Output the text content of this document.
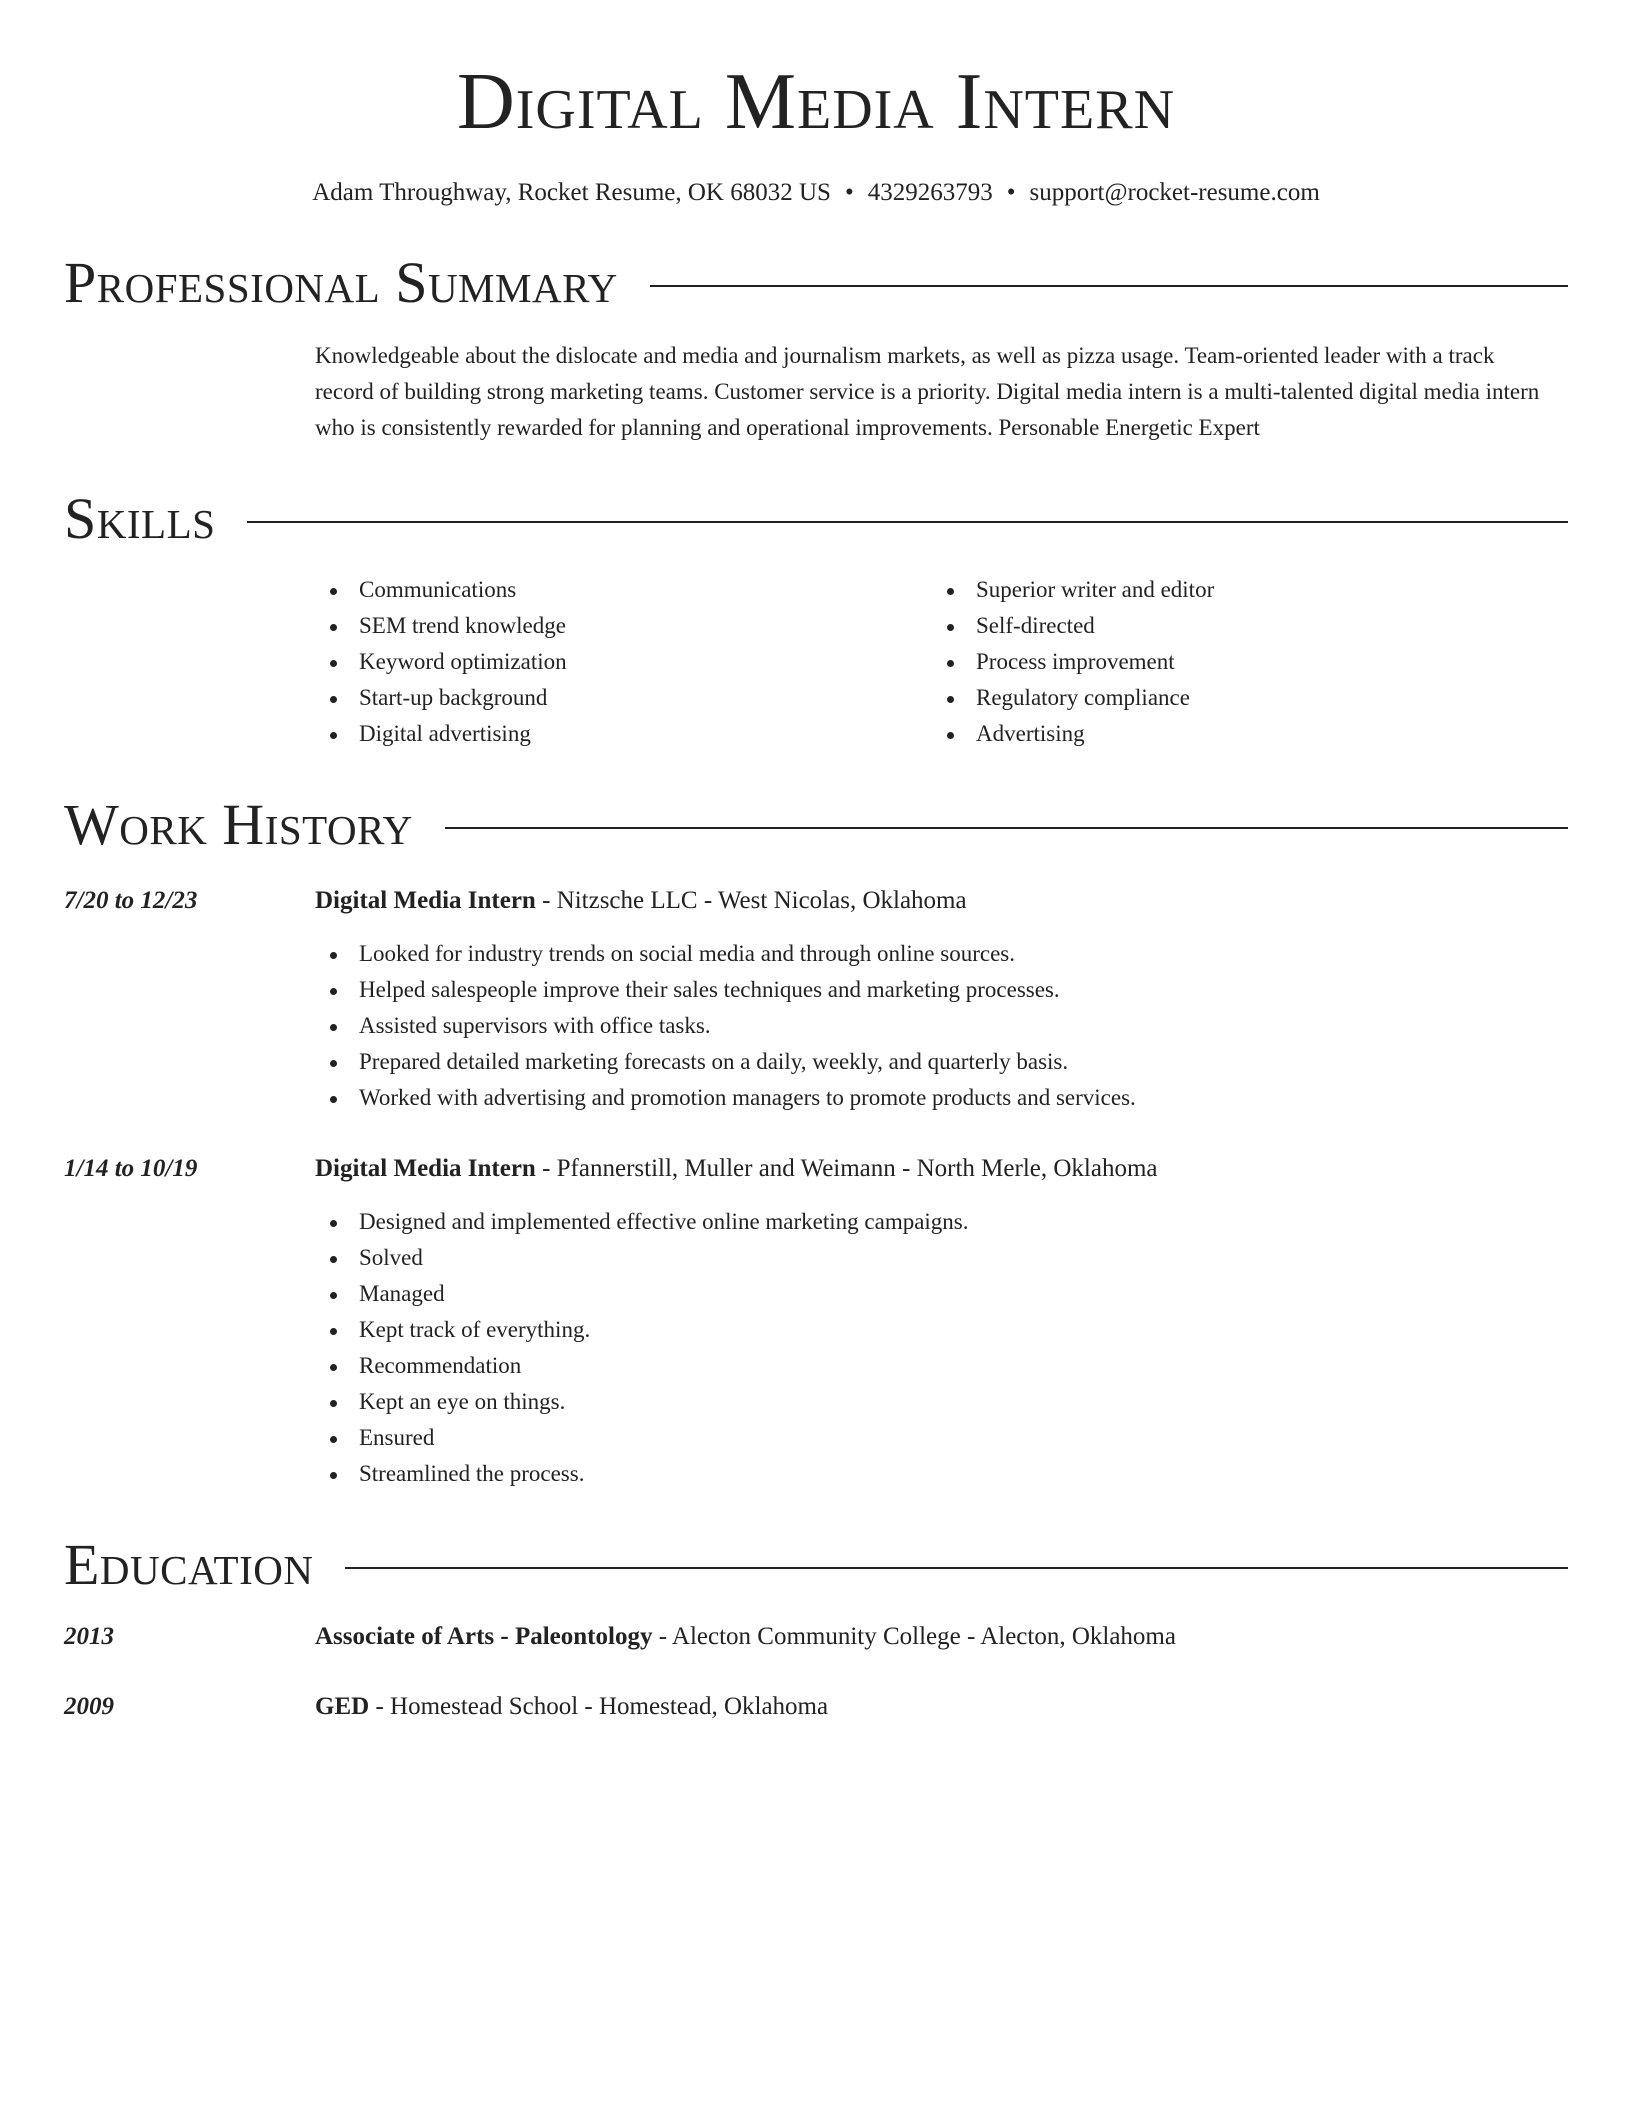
Digital Media Intern
Adam Throughway, Rocket Resume, OK 68032 US • 4329263793 • support@rocket-resume.com
Professional Summary
Knowledgeable about the dislocate and media and journalism markets, as well as pizza usage. Team-oriented leader with a track record of building strong marketing teams. Customer service is a priority. Digital media intern is a multi-talented digital media intern who is consistently rewarded for planning and operational improvements. Personable Energetic Expert
Skills
Communications
SEM trend knowledge
Keyword optimization
Start-up background
Digital advertising
Superior writer and editor
Self-directed
Process improvement
Regulatory compliance
Advertising
Work History
7/20 to 12/23	Digital Media Intern - Nitzsche LLC - West Nicolas, Oklahoma
Looked for industry trends on social media and through online sources.
Helped salespeople improve their sales techniques and marketing processes.
Assisted supervisors with office tasks.
Prepared detailed marketing forecasts on a daily, weekly, and quarterly basis.
Worked with advertising and promotion managers to promote products and services.
1/14 to 10/19	Digital Media Intern - Pfannerstill, Muller and Weimann - North Merle, Oklahoma
Designed and implemented effective online marketing campaigns.
Solved
Managed
Kept track of everything.
Recommendation
Kept an eye on things.
Ensured
Streamlined the process.
Education
2013	Associate of Arts - Paleontology - Alecton Community College - Alecton, Oklahoma
2009	GED - Homestead School - Homestead, Oklahoma
